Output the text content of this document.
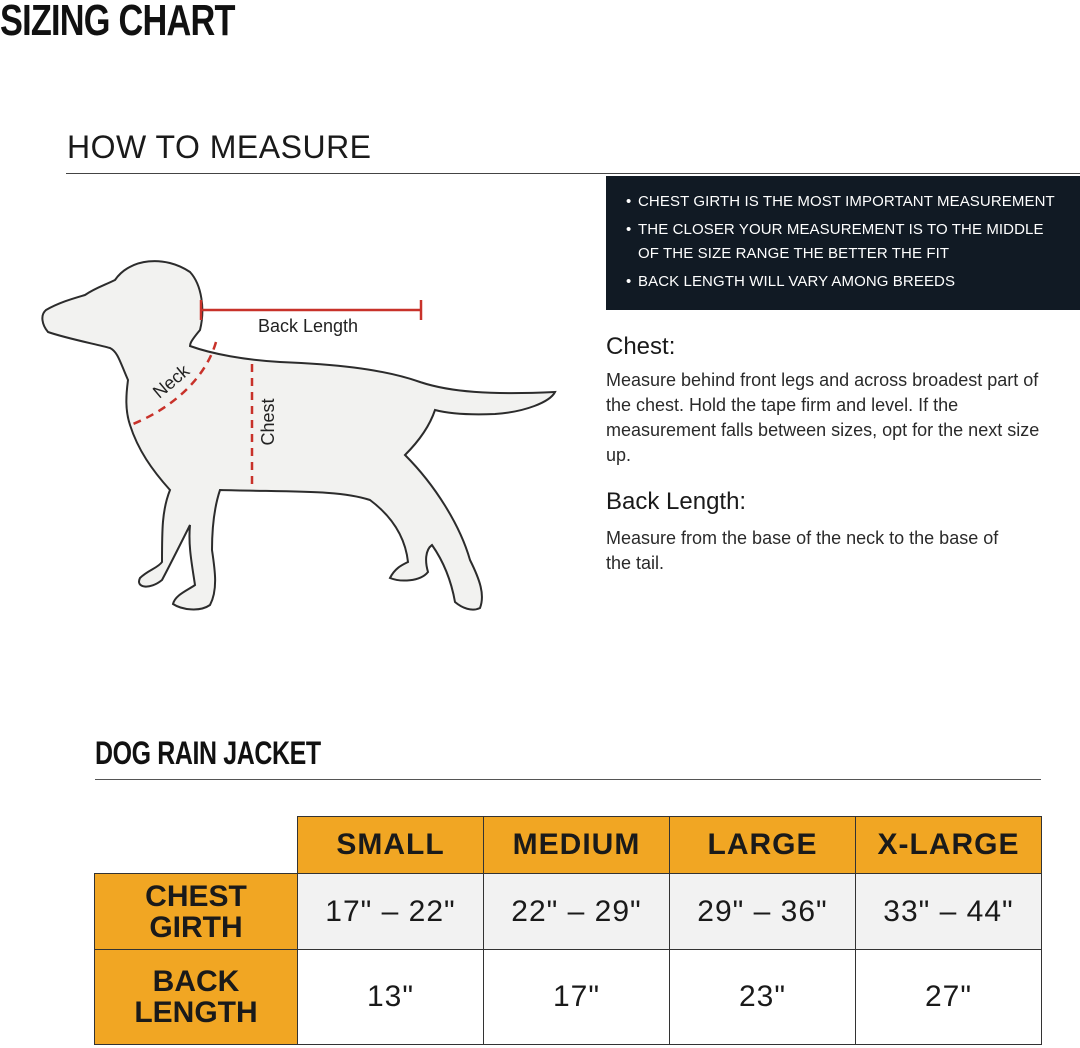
SIZING CHART
HOW TO MEASURE
• CHEST GIRTH IS THE MOST IMPORTANT MEASUREMENT
• THE CLOSER YOUR MEASUREMENT IS TO THE MIDDLE OF THE SIZE RANGE THE BETTER THE FIT
• BACK LENGTH WILL VARY AMONG BREEDS
Back Length
Neck
Chest
Chest:
Measure behind front legs and across broadest part of the chest. Hold the tape firm and level. If the measurement falls between sizes, opt for the next size up.
Back Length:
Measure from the base of the neck to the base of the tail.
DOG RAIN JACKET
	SMALL	MEDIUM	LARGE	X-LARGE

CHEST
GIRTH	17" – 22"	22" – 29"	29" – 36"	33" – 44"

BACK
LENGTH	13"	17"	23"	27"
